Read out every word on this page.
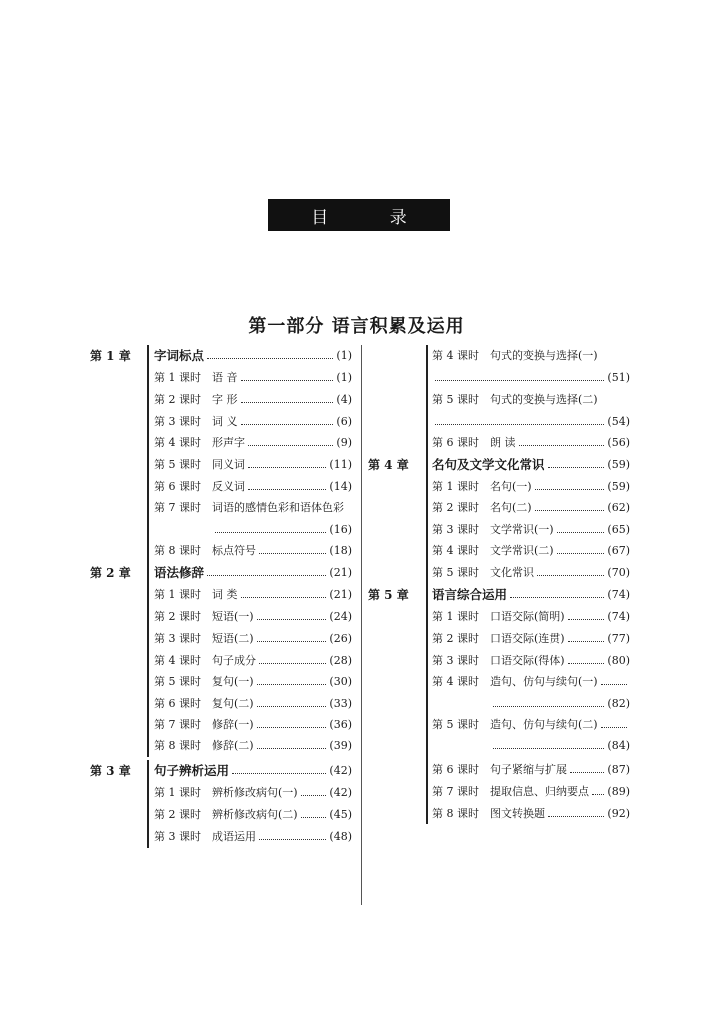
目 录
第一部分 语言积累及运用
第 1 章 字词标点	(1)
第 1 课时	语 音	(1)
第 2 课时	字 形	(4)
第 3 课时	词 义	(6)
第 4 课时	形声字	(9)
第 5 课时	同义词	(11)
第 6 课时	反义词	(14)
第 7 课时	词语的感情色彩和语体色彩
(16)
第 8 课时	标点符号	(18)
第 2 章 语法修辞	(21)
第 1 课时	词 类	(21)
第 2 课时	短语(一)	(24)
第 3 课时	短语(二)	(26)
第 4 课时	句子成分	(28)
第 5 课时	复句(一)	(30)
第 6 课时	复句(二)	(33)
第 7 课时	修辞(一)	(36)
第 8 课时	修辞(二)	(39)
第 3 章 句子辨析运用	(42)
第 1 课时	辨析修改病句(一)	(42)
第 2 课时	辨析修改病句(二)	(45)
第 3 课时	成语运用	(48)
第 4 课时	句式的变换与选择(一)
(51)
第 5 课时	句式的变换与选择(二)
(54)
第 6 课时	朗 读	(56)
第 4 章 名句及文学文化常识	(59)
第 1 课时	名句(一)	(59)
第 2 课时	名句(二)	(62)
第 3 课时	文学常识(一)	(65)
第 4 课时	文学常识(二)	(67)
第 5 课时	文化常识	(70)
第 5 章 语言综合运用	(74)
第 1 课时	口语交际(简明)	(74)
第 2 课时	口语交际(连贯)	(77)
第 3 课时	口语交际(得体)	(80)
第 4 课时	造句、仿句与续句(一)
(82)
第 5 课时	造句、仿句与续句(二)
(84)
第 6 课时	句子紧缩与扩展	(87)
第 7 课时	提取信息、归纳要点 (89)
第 8 课时	图文转换题	(92)
